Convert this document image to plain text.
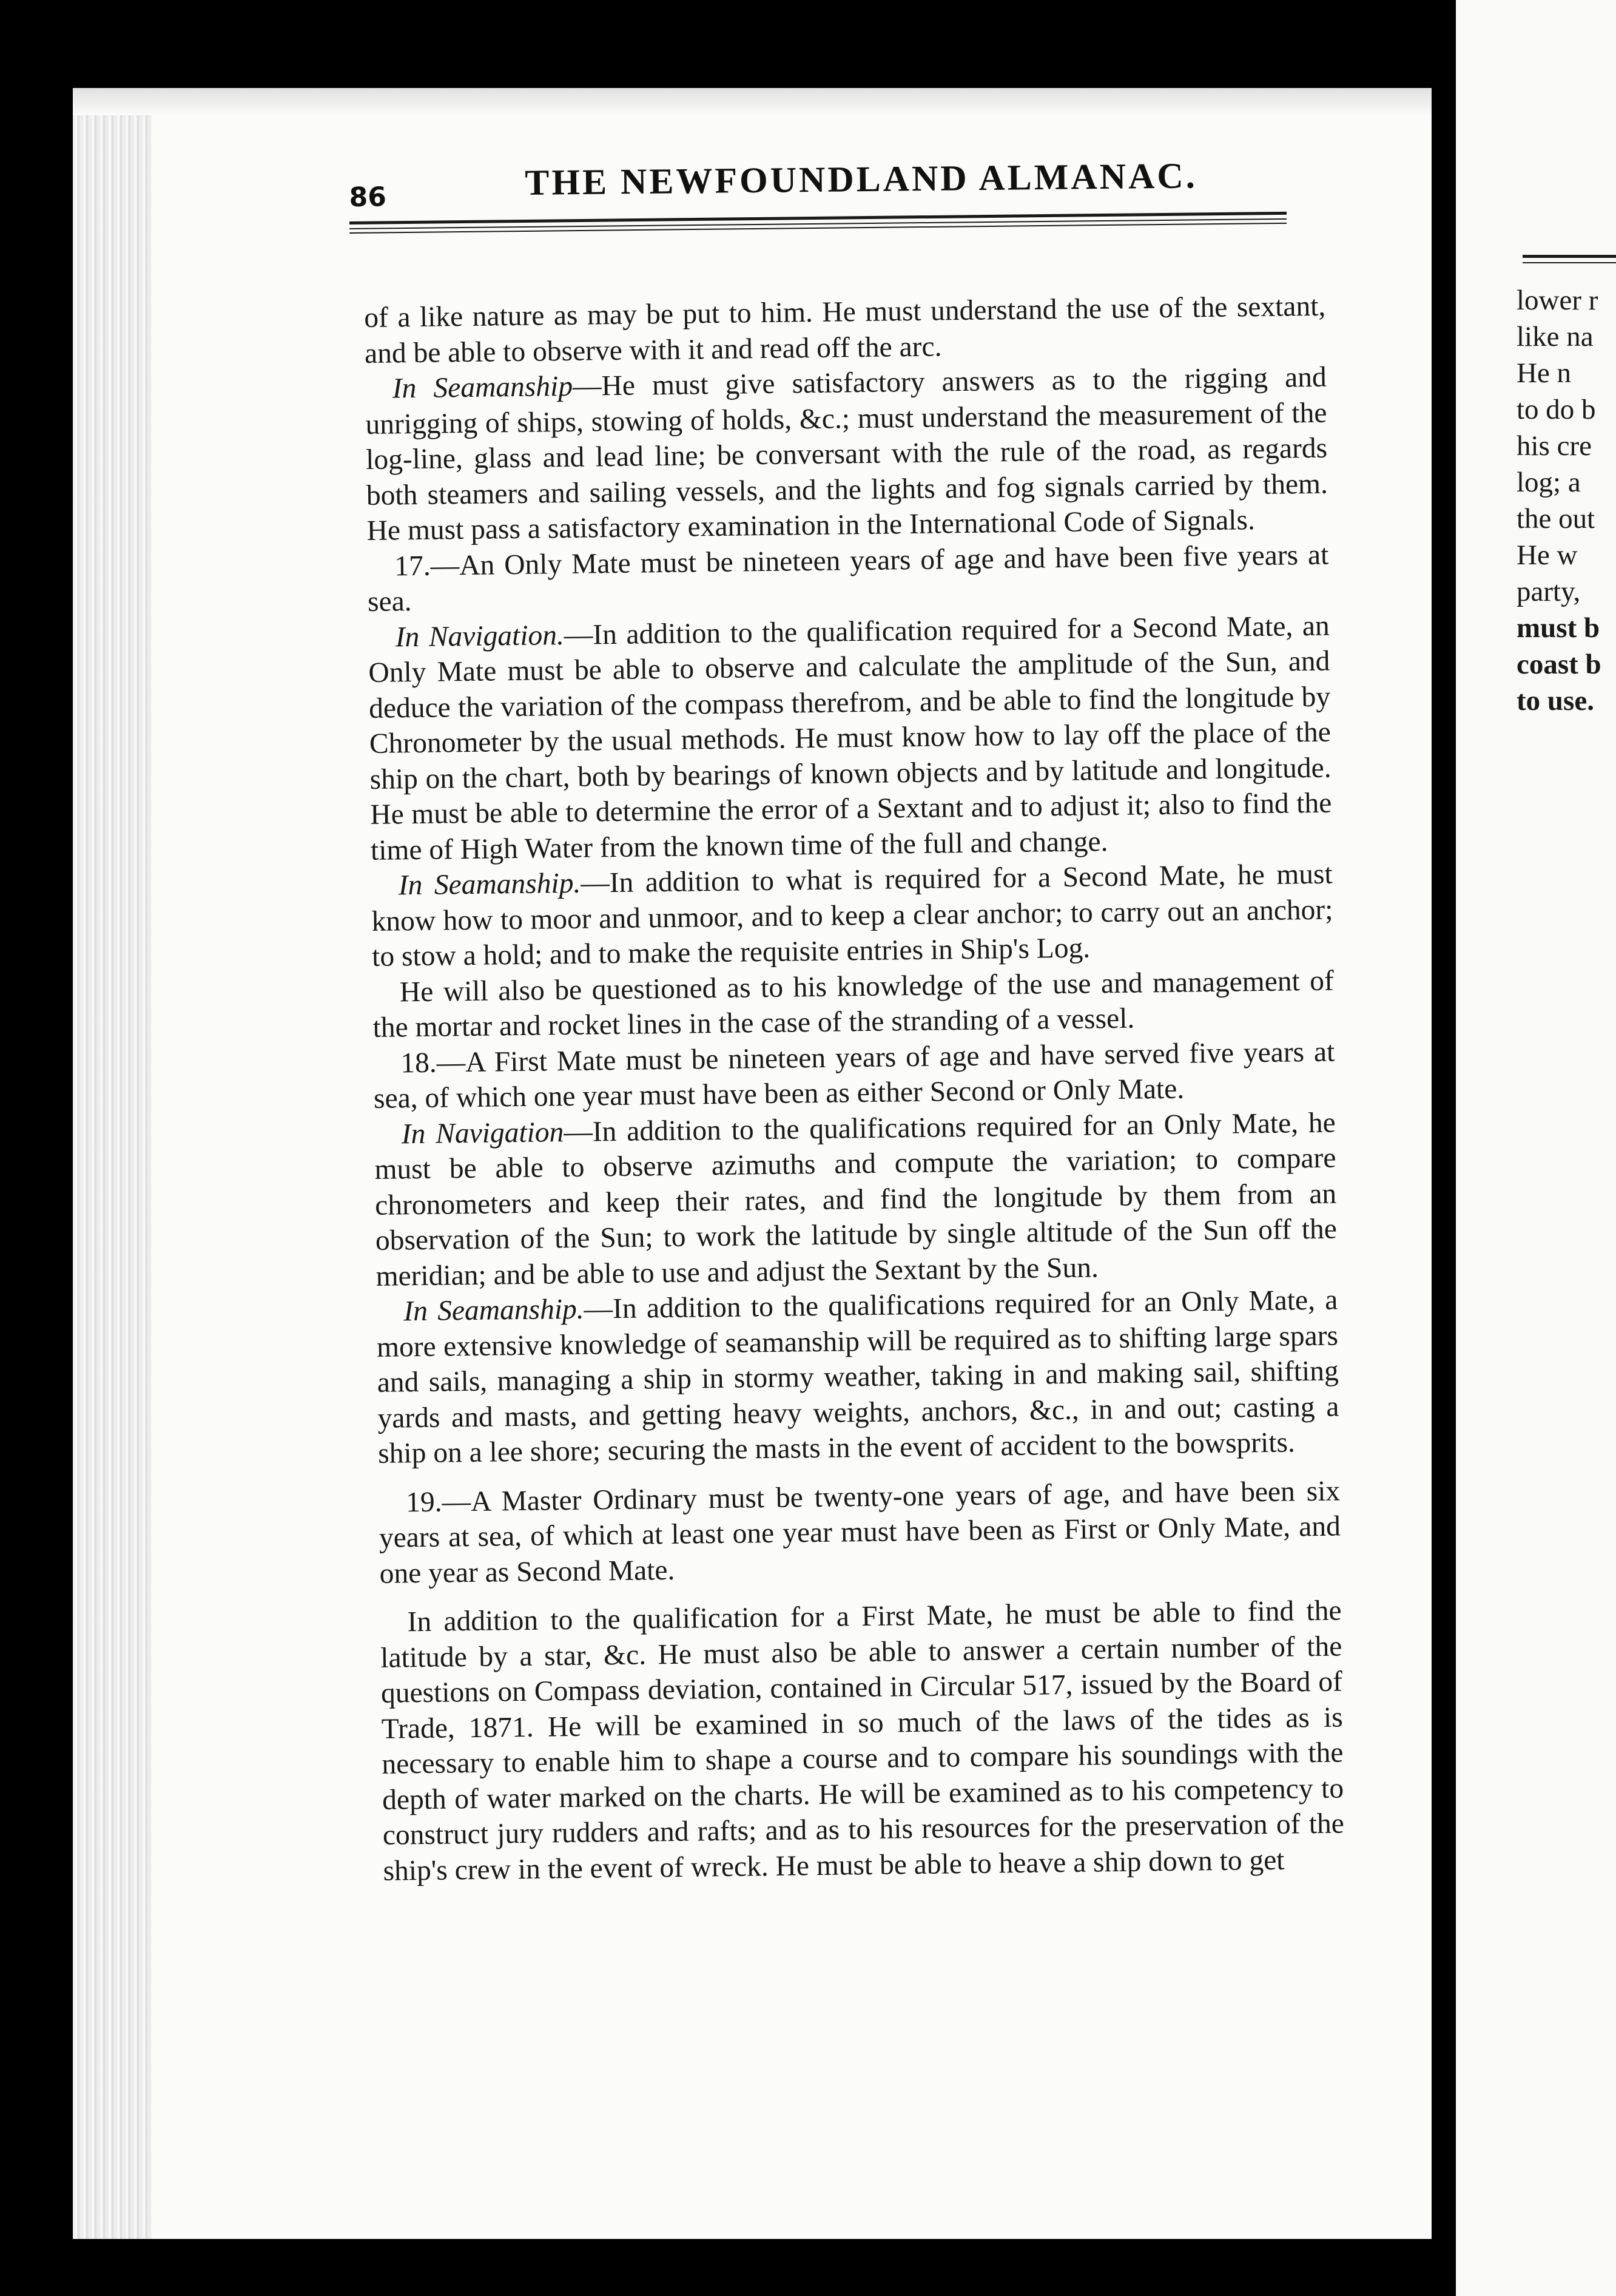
86	THE NEWFOUNDLAND ALMANAC.

of a like nature as may be put to him. He must understand the use of the sextant, and be able to observe with it and read off the arc.

In Seamanship—He must give satisfactory answers as to the rigging and unrigging of ships, stowing of holds, &c.; must understand the measurement of the log-line, glass and lead line; be conversant with the rule of the road, as regards both steamers and sailing vessels, and the lights and fog signals carried by them. He must pass a satisfactory examination in the International Code of Signals.

17.—An Only Mate must be nineteen years of age and have been five years at sea.

In Navigation.—In addition to the qualification required for a Second Mate, an Only Mate must be able to observe and calculate the amplitude of the Sun, and deduce the variation of the compass therefrom, and be able to find the longitude by Chronometer by the usual methods. He must know how to lay off the place of the ship on the chart, both by bearings of known objects and by latitude and longitude. He must be able to determine the error of a Sextant and to adjust it; also to find the time of High Water from the known time of the full and change.

In Seamanship.—In addition to what is required for a Second Mate, he must know how to moor and unmoor, and to keep a clear anchor; to carry out an anchor; to stow a hold; and to make the requisite entries in Ship's Log.

He will also be questioned as to his knowledge of the use and management of the mortar and rocket lines in the case of the stranding of a vessel.

18.—A First Mate must be nineteen years of age and have served five years at sea, of which one year must have been as either Second or Only Mate.

In Navigation—In addition to the qualifications required for an Only Mate, he must be able to observe azimuths and compute the variation; to compare chronometers and keep their rates, and find the longitude by them from an observation of the Sun; to work the latitude by single altitude of the Sun off the meridian; and be able to use and adjust the Sextant by the Sun.

In Seamanship.—In addition to the qualifications required for an Only Mate, a more extensive knowledge of seamanship will be required as to shifting large spars and sails, managing a ship in stormy weather, taking in and making sail, shifting yards and masts, and getting heavy weights, anchors, &c., in and out; casting a ship on a lee shore; securing the masts in the event of accident to the bowsprits.

19.—A Master Ordinary must be twenty-one years of age, and have been six years at sea, of which at least one year must have been as First or Only Mate, and one year as Second Mate.

In addition to the qualification for a First Mate, he must be able to find the latitude by a star, &c. He must also be able to answer a certain number of the questions on Compass deviation, contained in Circular 517, issued by the Board of Trade, 1871. He will be examined in so much of the laws of the tides as is necessary to enable him to shape a course and to compare his soundings with the depth of water marked on the charts. He will be examined as to his competency to construct jury rudders and rafts; and as to his resources for the preservation of the ship's crew in the event of wreck. He must be able to heave a ship down to get

lower r
like na
He n
to do b
his cre
log; a
the out
He w
party,
must b
coast b
to use.
